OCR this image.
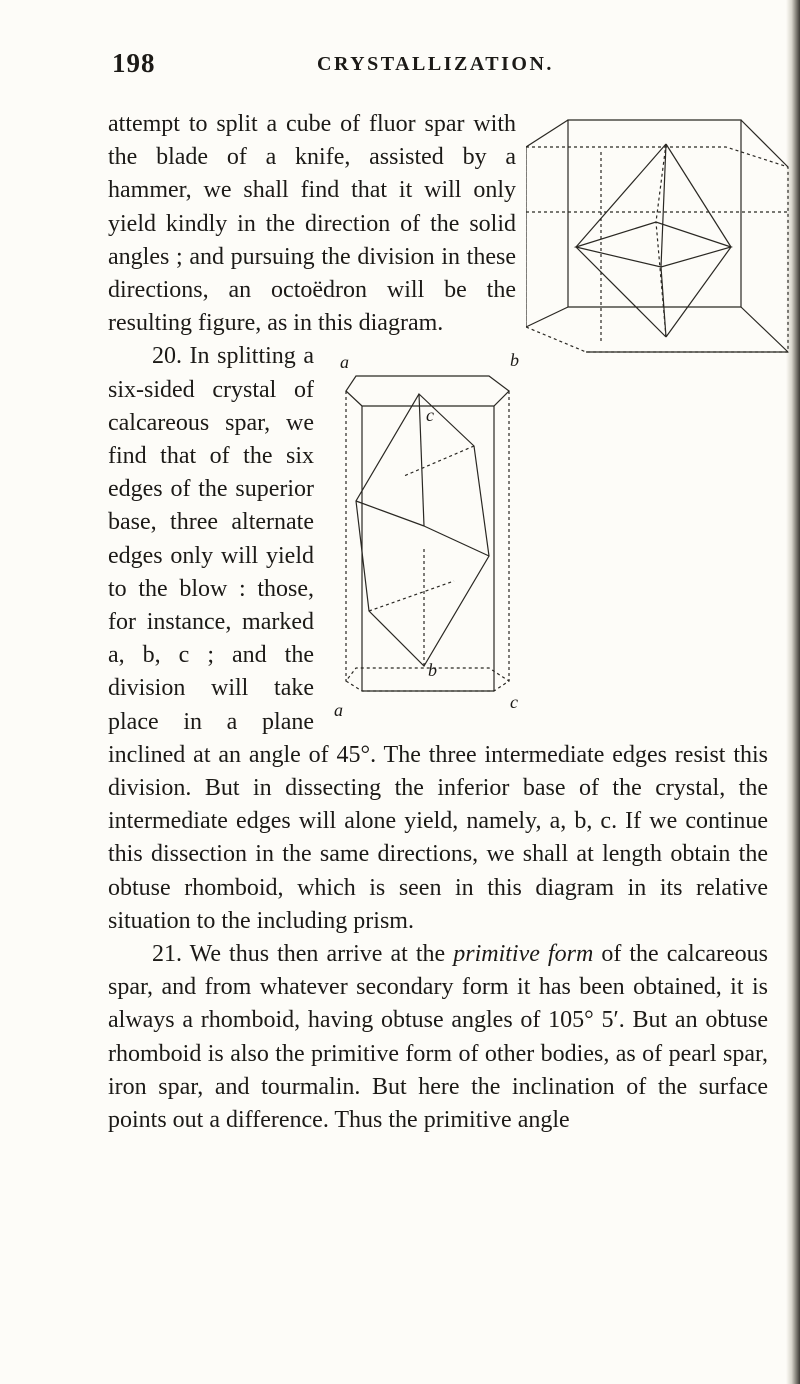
198	CRYSTALLIZATION.

attempt to split a cube of fluor spar with the blade of a knife, assisted by a hammer, we shall find that it will only yield kindly in the direction of the solid angles ; and pursuing the division in these directions, an octoëdron will be the resulting figure, as in this diagram.

a	b
c
a
b
c

20. In splitting a six-sided crystal of calcareous spar, we find that of the six edges of the superior base, three alternate edges only will yield to the blow : those, for instance, marked a, b, c ; and the division will take place in a plane inclined at an angle of 45°. The three intermediate edges resist this division. But in dissecting the inferior base of the crystal, the intermediate edges will alone yield, namely, a, b, c. If we continue this dissection in the same directions, we shall at length obtain the obtuse rhomboid, which is seen in this diagram in its relative situation to the including prism.

21. We thus then arrive at the primitive form of the calcareous spar, and from whatever secondary form it has been obtained, it is always a rhomboid, having obtuse angles of 105° 5′. But an obtuse rhomboid is also the primitive form of other bodies, as of pearl spar, iron spar, and tourmalin. But here the inclination of the surface points out a difference. Thus the primitive angle
